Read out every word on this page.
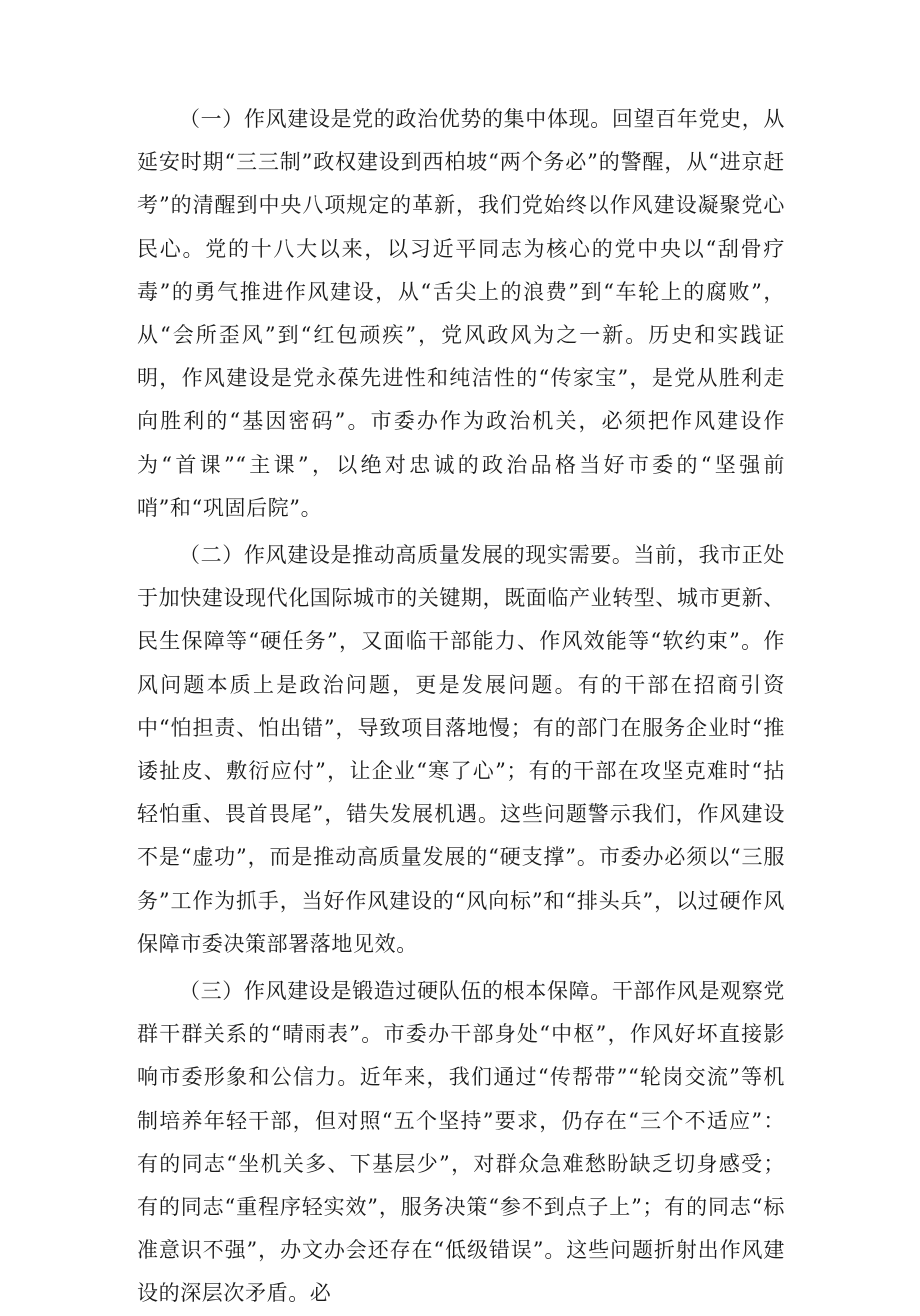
（一）作风建设是党的政治优势的集中体现。回望百年党史，从延安时期“三三制”政权建设到西柏坡“两个务必”的警醒，从“进京赶考”的清醒到中央八项规定的革新，我们党始终以作风建设凝聚党心民心。党的十八大以来，以习近平同志为核心的党中央以“刮骨疗毒”的勇气推进作风建设，从“舌尖上的浪费”到“车轮上的腐败”，从“会所歪风”到“红包顽疾”，党风政风为之一新。历史和实践证明，作风建设是党永葆先进性和纯洁性的“传家宝”，是党从胜利走向胜利的“基因密码”。市委办作为政治机关，必须把作风建设作为“首课”“主课”，以绝对忠诚的政治品格当好市委的“坚强前哨”和“巩固后院”。

（二）作风建设是推动高质量发展的现实需要。当前，我市正处于加快建设现代化国际城市的关键期，既面临产业转型、城市更新、民生保障等“硬任务”，又面临干部能力、作风效能等“软约束”。作风问题本质上是政治问题，更是发展问题。有的干部在招商引资中“怕担责、怕出错”，导致项目落地慢；有的部门在服务企业时“推诿扯皮、敷衍应付”，让企业“寒了心”；有的干部在攻坚克难时“拈轻怕重、畏首畏尾”，错失发展机遇。这些问题警示我们，作风建设不是“虚功”，而是推动高质量发展的“硬支撑”。市委办必须以“三服务”工作为抓手，当好作风建设的“风向标”和“排头兵”，以过硬作风保障市委决策部署落地见效。

（三）作风建设是锻造过硬队伍的根本保障。干部作风是观察党群干群关系的“晴雨表”。市委办干部身处“中枢”，作风好坏直接影响市委形象和公信力。近年来，我们通过“传帮带”“轮岗交流”等机制培养年轻干部，但对照“五个坚持”要求，仍存在“三个不适应”：有的同志“坐机关多、下基层少”，对群众急难愁盼缺乏切身感受；有的同志“重程序轻实效”，服务决策“参不到点子上”；有的同志“标准意识不强”，办文办会还存在“低级错误”。这些问题折射出作风建设的深层次矛盾。必
